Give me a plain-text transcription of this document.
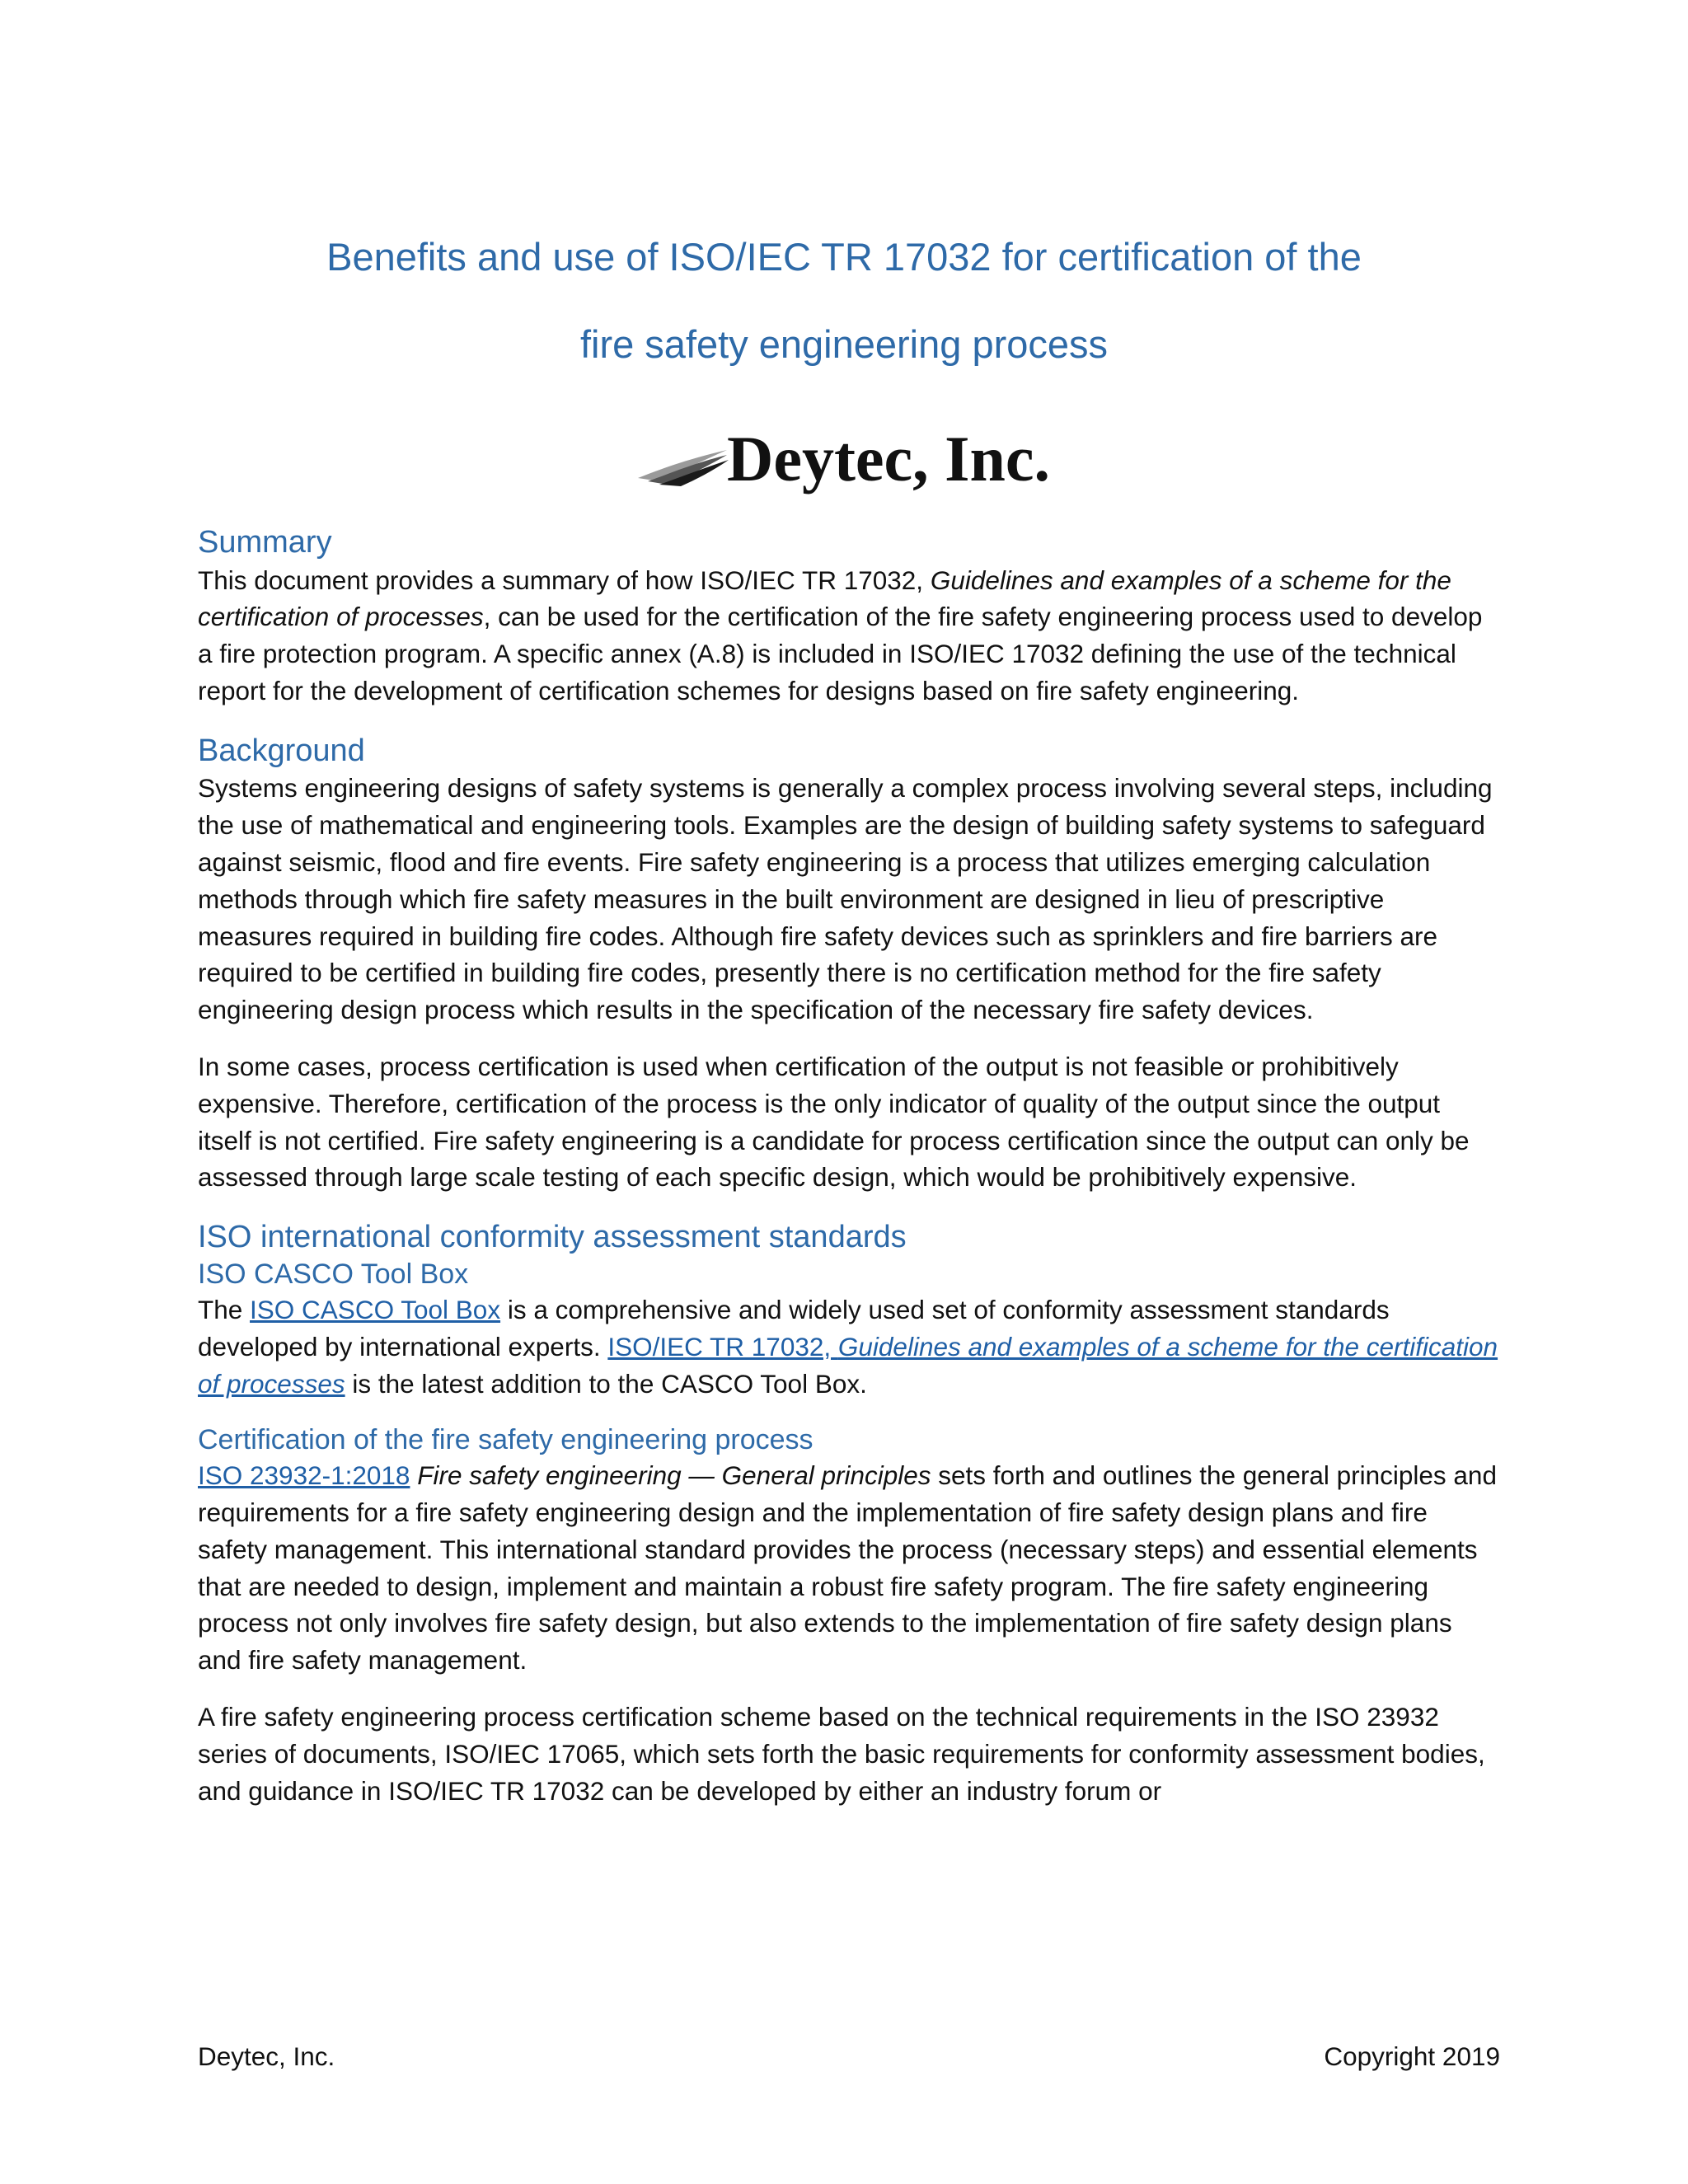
Benefits and use of ISO/IEC TR 17032 for certification of the
fire safety engineering process
Deytec, Inc.
Summary

This document provides a summary of how ISO/IEC TR 17032, Guidelines and examples of a scheme for the certification of processes, can be used for the certification of the fire safety engineering process used to develop a fire protection program. A specific annex (A.8) is included in ISO/IEC 17032 defining the use of the technical report for the development of certification schemes for designs based on fire safety engineering.

Background

Systems engineering designs of safety systems is generally a complex process involving several steps, including the use of mathematical and engineering tools. Examples are the design of building safety systems to safeguard against seismic, flood and fire events. Fire safety engineering is a process that utilizes emerging calculation methods through which fire safety measures in the built environment are designed in lieu of prescriptive measures required in building fire codes. Although fire safety devices such as sprinklers and fire barriers are required to be certified in building fire codes, presently there is no certification method for the fire safety engineering design process which results in the specification of the necessary fire safety devices.

In some cases, process certification is used when certification of the output is not feasible or prohibitively expensive. Therefore, certification of the process is the only indicator of quality of the output since the output itself is not certified. Fire safety engineering is a candidate for process certification since the output can only be assessed through large scale testing of each specific design, which would be prohibitively expensive.

ISO international conformity assessment standards
ISO CASCO Tool Box

The ISO CASCO Tool Box is a comprehensive and widely used set of conformity assessment standards developed by international experts. ISO/IEC TR 17032, Guidelines and examples of a scheme for the certification of processes is the latest addition to the CASCO Tool Box.

Certification of the fire safety engineering process

ISO 23932-1:2018 Fire safety engineering — General principles sets forth and outlines the general principles and requirements for a fire safety engineering design and the implementation of fire safety design plans and fire safety management. This international standard provides the process (necessary steps) and essential elements that are needed to design, implement and maintain a robust fire safety program. The fire safety engineering process not only involves fire safety design, but also extends to the implementation of fire safety design plans and fire safety management.

A fire safety engineering process certification scheme based on the technical requirements in the ISO 23932 series of documents, ISO/IEC 17065, which sets forth the basic requirements for conformity assessment bodies, and guidance in ISO/IEC TR 17032 can be developed by either an industry forum or

Deytec, Inc.	Copyright 2019
